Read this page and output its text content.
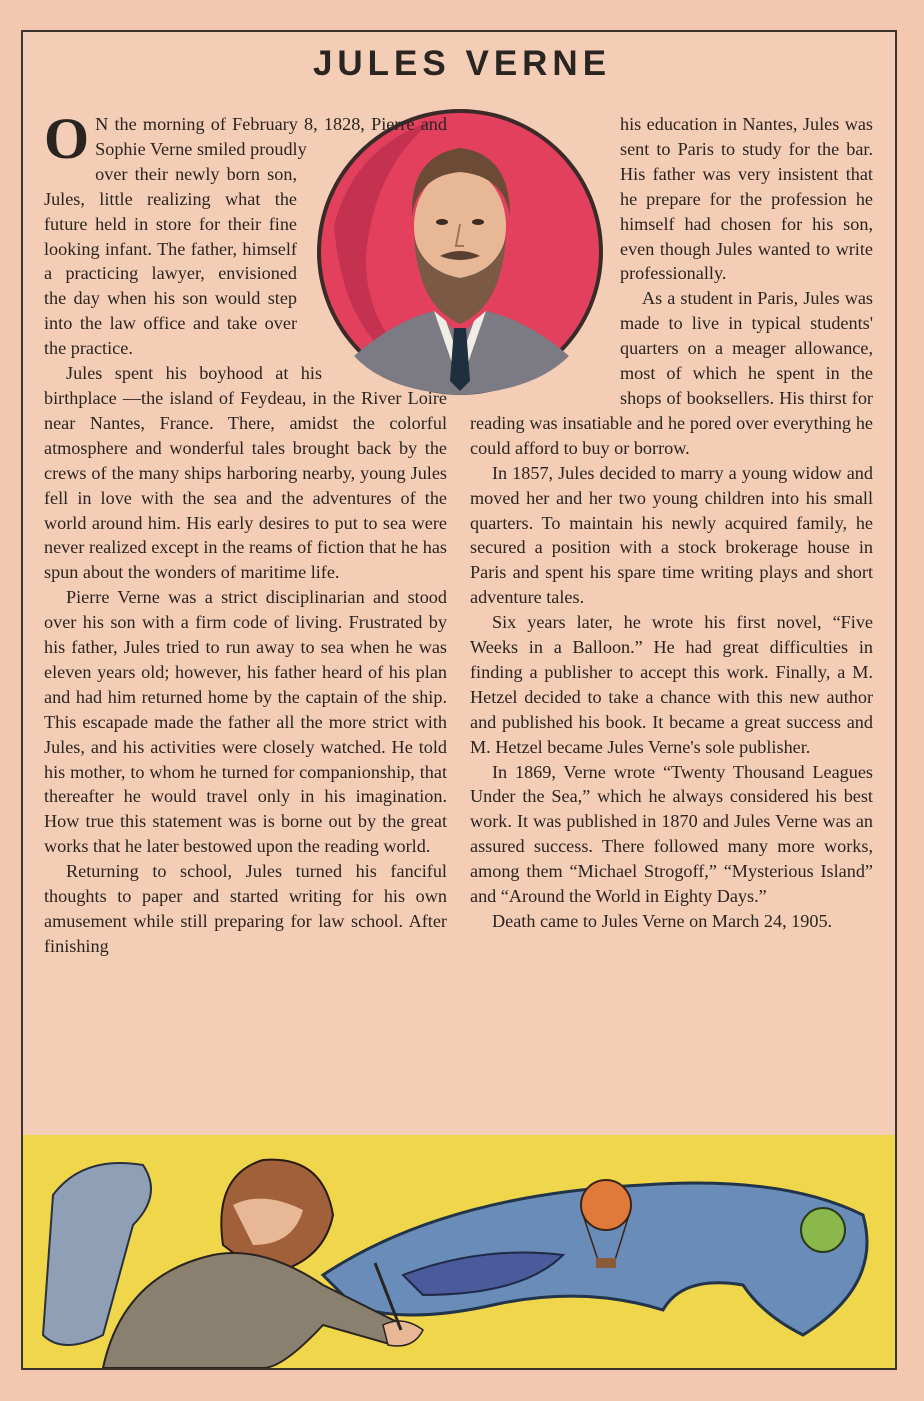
JULES VERNE
O N the morning of February 8, 1828, Pierre and Sophie Verne smiled proudly over their newly born son, Jules, little realizing what the future held in store for their fine looking infant. The father, himself a practicing lawyer, envisioned the day when his son would step into the law office and take over the practice.

Jules spent his boyhood at his birthplace —the island of Feydeau, in the River Loire near Nantes, France. There, amidst the colorful atmosphere and wonderful tales brought back by the crews of the many ships harboring nearby, young Jules fell in love with the sea and the adventures of the world around him. His early desires to put to sea were never realized except in the reams of fiction that he has spun about the wonders of maritime life.

Pierre Verne was a strict disciplinarian and stood over his son with a firm code of living. Frustrated by his father, Jules tried to run away to sea when he was eleven years old; however, his father heard of his plan and had him returned home by the captain of the ship. This escapade made the father all the more strict with Jules, and his activities were closely watched. He told his mother, to whom he turned for companionship, that thereafter he would travel only in his imagination. How true this statement was is borne out by the great works that he later bestowed upon the reading world.

Returning to school, Jules turned his fanciful thoughts to paper and started writing for his own amusement while still preparing for law school. After finishing

his education in Nantes, Jules was sent to Paris to study for the bar. His father was very insistent that he prepare for the profession he himself had chosen for his son, even though Jules wanted to write professionally.

As a student in Paris, Jules was made to live in typical students' quarters on a meager allowance, most of which he spent in the shops of booksellers. His thirst for reading was insatiable and he pored over everything he could afford to buy or borrow.

In 1857, Jules decided to marry a young widow and moved her and her two young children into his small quarters. To maintain his newly acquired family, he secured a position with a stock brokerage house in Paris and spent his spare time writing plays and short adventure tales.

Six years later, he wrote his first novel, “Five Weeks in a Balloon.” He had great difficulties in finding a publisher to accept this work. Finally, a M. Hetzel decided to take a chance with this new author and published his book. It became a great success and M. Hetzel became Jules Verne's sole publisher.

In 1869, Verne wrote “Twenty Thousand Leagues Under the Sea,” which he always considered his best work. It was published in 1870 and Jules Verne was an assured success. There followed many more works, among them “Michael Strogoff,” “Mysterious Island” and “Around the World in Eighty Days.”

Death came to Jules Verne on March 24, 1905.
